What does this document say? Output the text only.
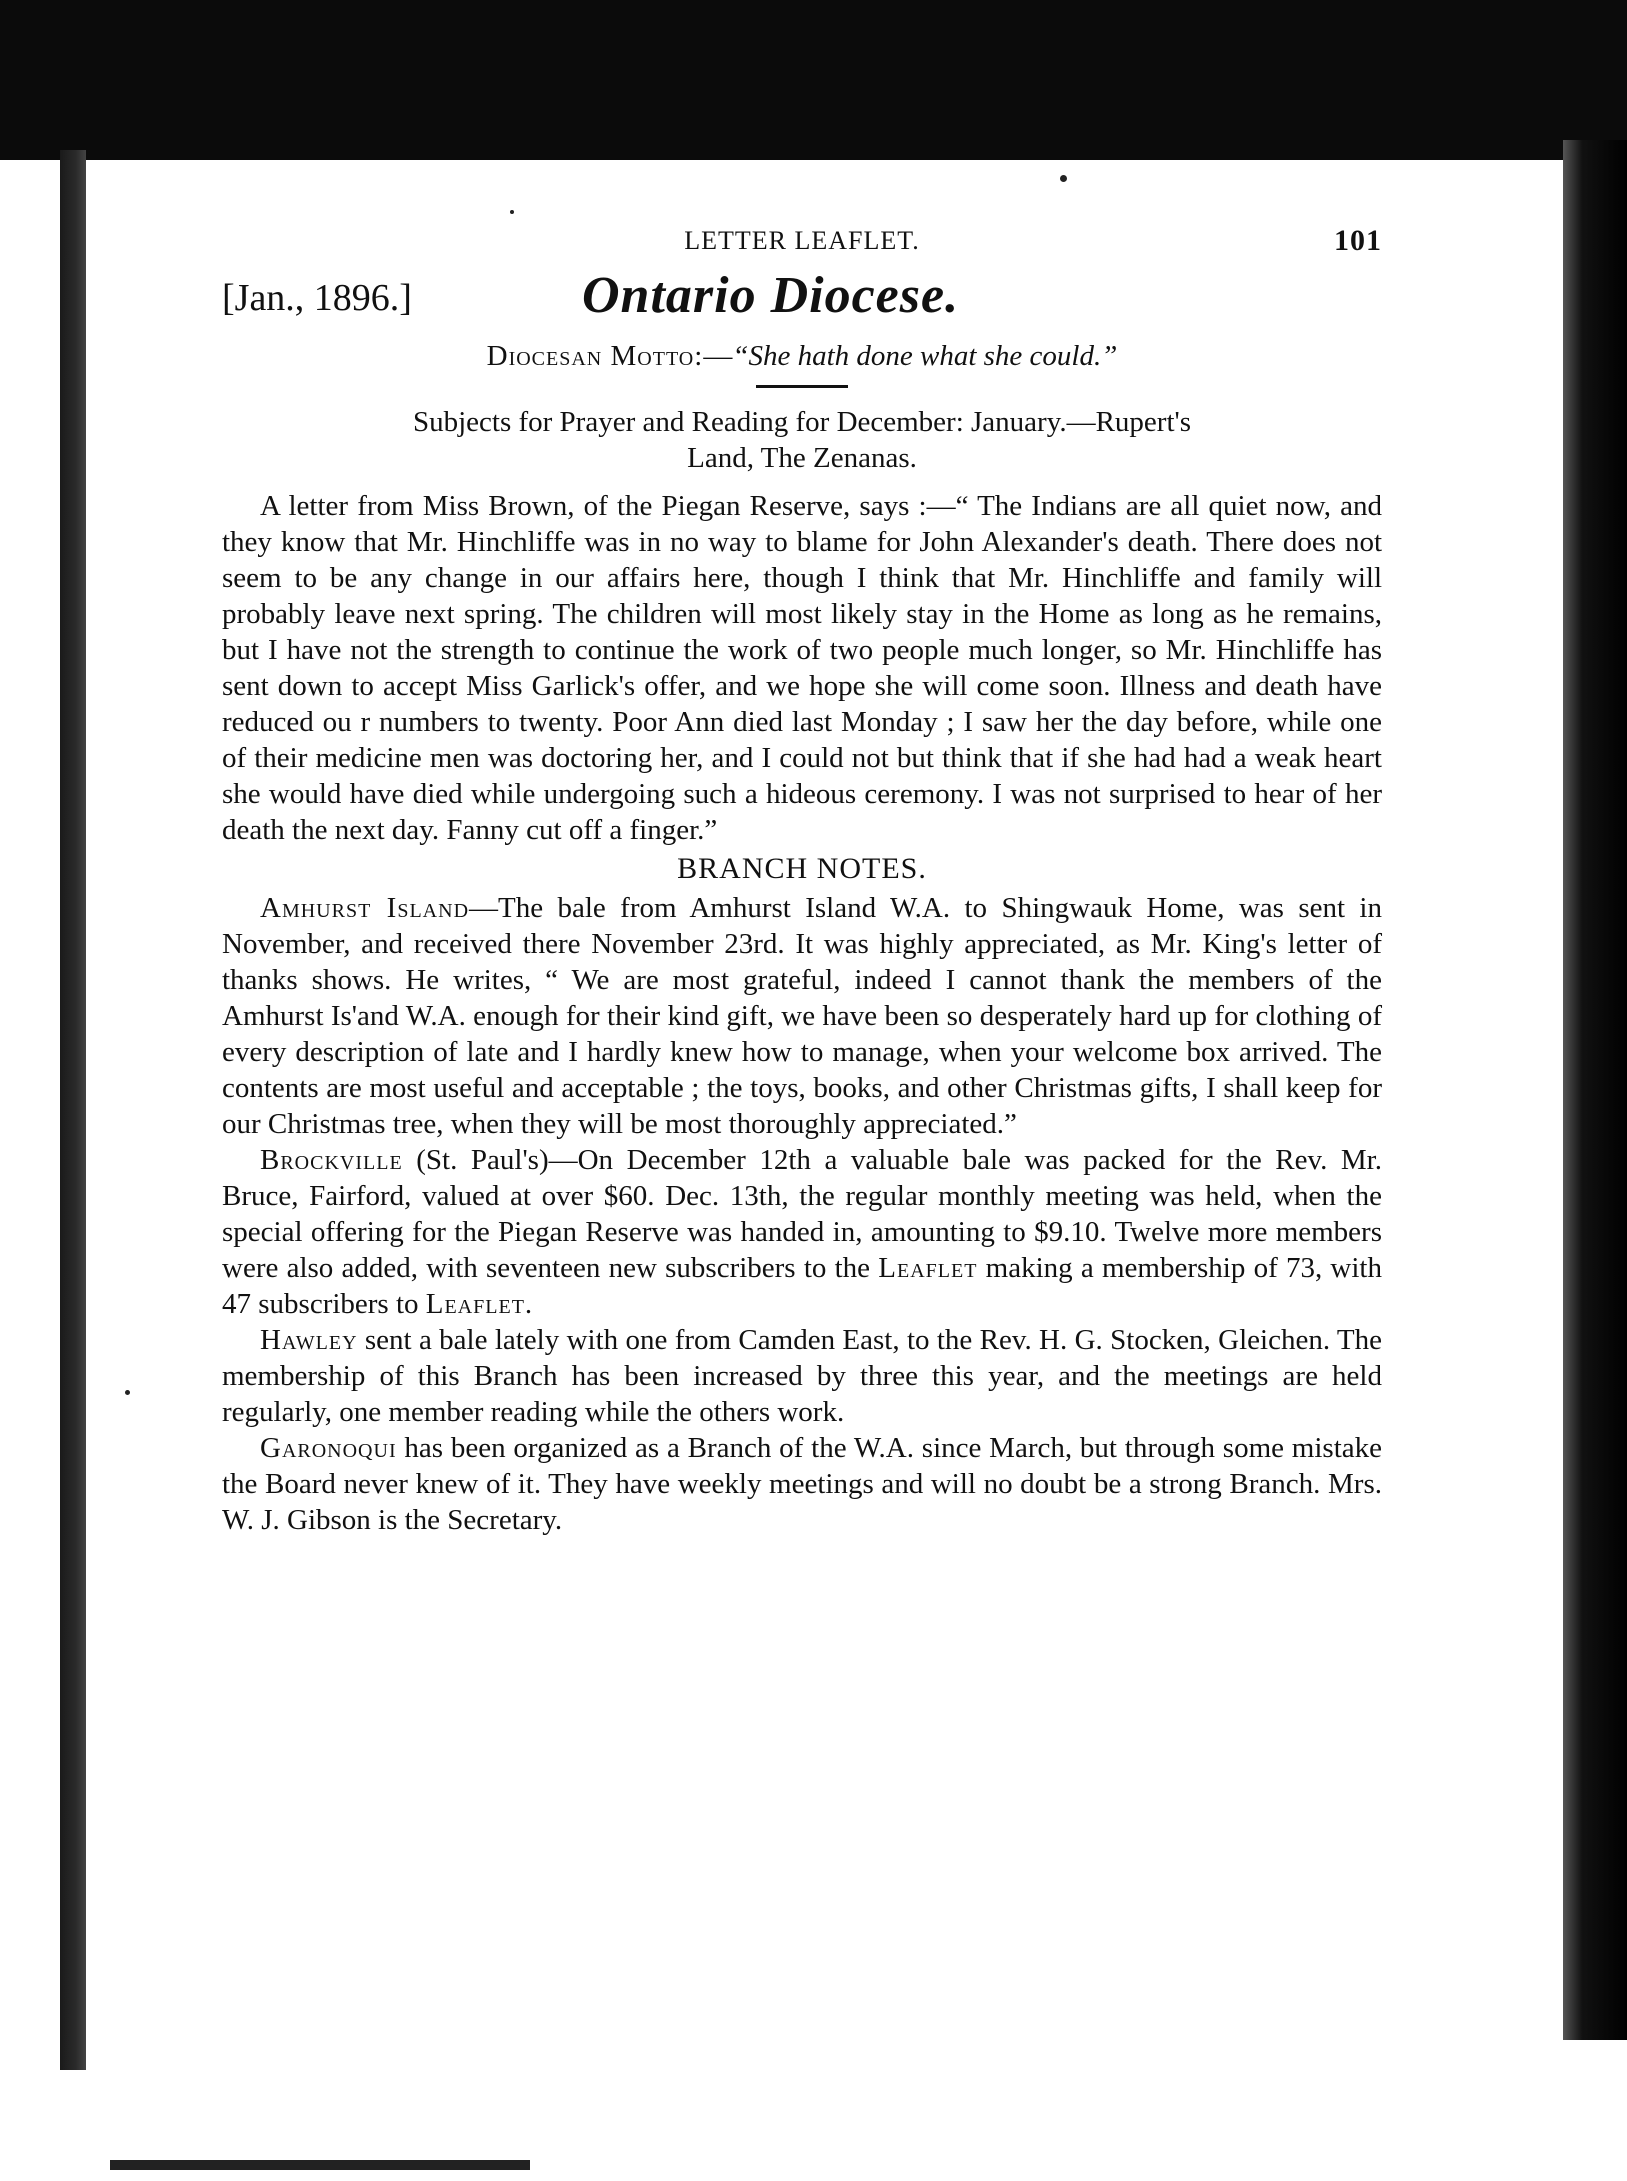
LETTER LEAFLET.	101
[Jan., 1896.]	Ontario Diocese.
Diocesan Motto:—“She hath done what she could.”
Subjects for Prayer and Reading for December: January.—Rupert's
Land, The Zenanas.

A letter from Miss Brown, of the Piegan Reserve, says :—“ The Indians are all quiet now, and they know that Mr. Hinchliffe was in no way to blame for John Alexander's death. There does not seem to be any change in our affairs here, though I think that Mr. Hinchliffe and family will probably leave next spring. The children will most likely stay in the Home as long as he remains, but I have not the strength to continue the work of two people much longer, so Mr. Hinchliffe has sent down to accept Miss Garlick's offer, and we hope she will come soon. Illness and death have reduced ou r numbers to twenty. Poor Ann died last Monday ; I saw her the day before, while one of their medicine men was doctoring her, and I could not but think that if she had had a weak heart she would have died while undergoing such a hideous ceremony. I was not surprised to hear of her death the next day. Fanny cut off a finger.”

BRANCH NOTES.

Amhurst Island—The bale from Amhurst Island W.A. to Shingwauk Home, was sent in November, and received there November 23rd. It was highly appreciated, as Mr. King's letter of thanks shows. He writes, “ We are most grateful, indeed I cannot thank the members of the Amhurst Is'and W.A. enough for their kind gift, we have been so desperately hard up for clothing of every description of late and I hardly knew how to manage, when your welcome box arrived. The contents are most useful and acceptable ; the toys, books, and other Christmas gifts, I shall keep for our Christmas tree, when they will be most thoroughly appreciated.”

Brockville (St. Paul's)—On December 12th a valuable bale was packed for the Rev. Mr. Bruce, Fairford, valued at over $60. Dec. 13th, the regular monthly meeting was held, when the special offering for the Piegan Reserve was handed in, amounting to $9.10. Twelve more members were also added, with seventeen new subscribers to the Leaflet making a membership of 73, with 47 subscribers to Leaflet.

Hawley sent a bale lately with one from Camden East, to the Rev. H. G. Stocken, Gleichen. The membership of this Branch has been increased by three this year, and the meetings are held regularly, one member reading while the others work.

Garonoqui has been organized as a Branch of the W.A. since March, but through some mistake the Board never knew of it. They have weekly meetings and will no doubt be a strong Branch. Mrs. W. J. Gibson is the Secretary.
